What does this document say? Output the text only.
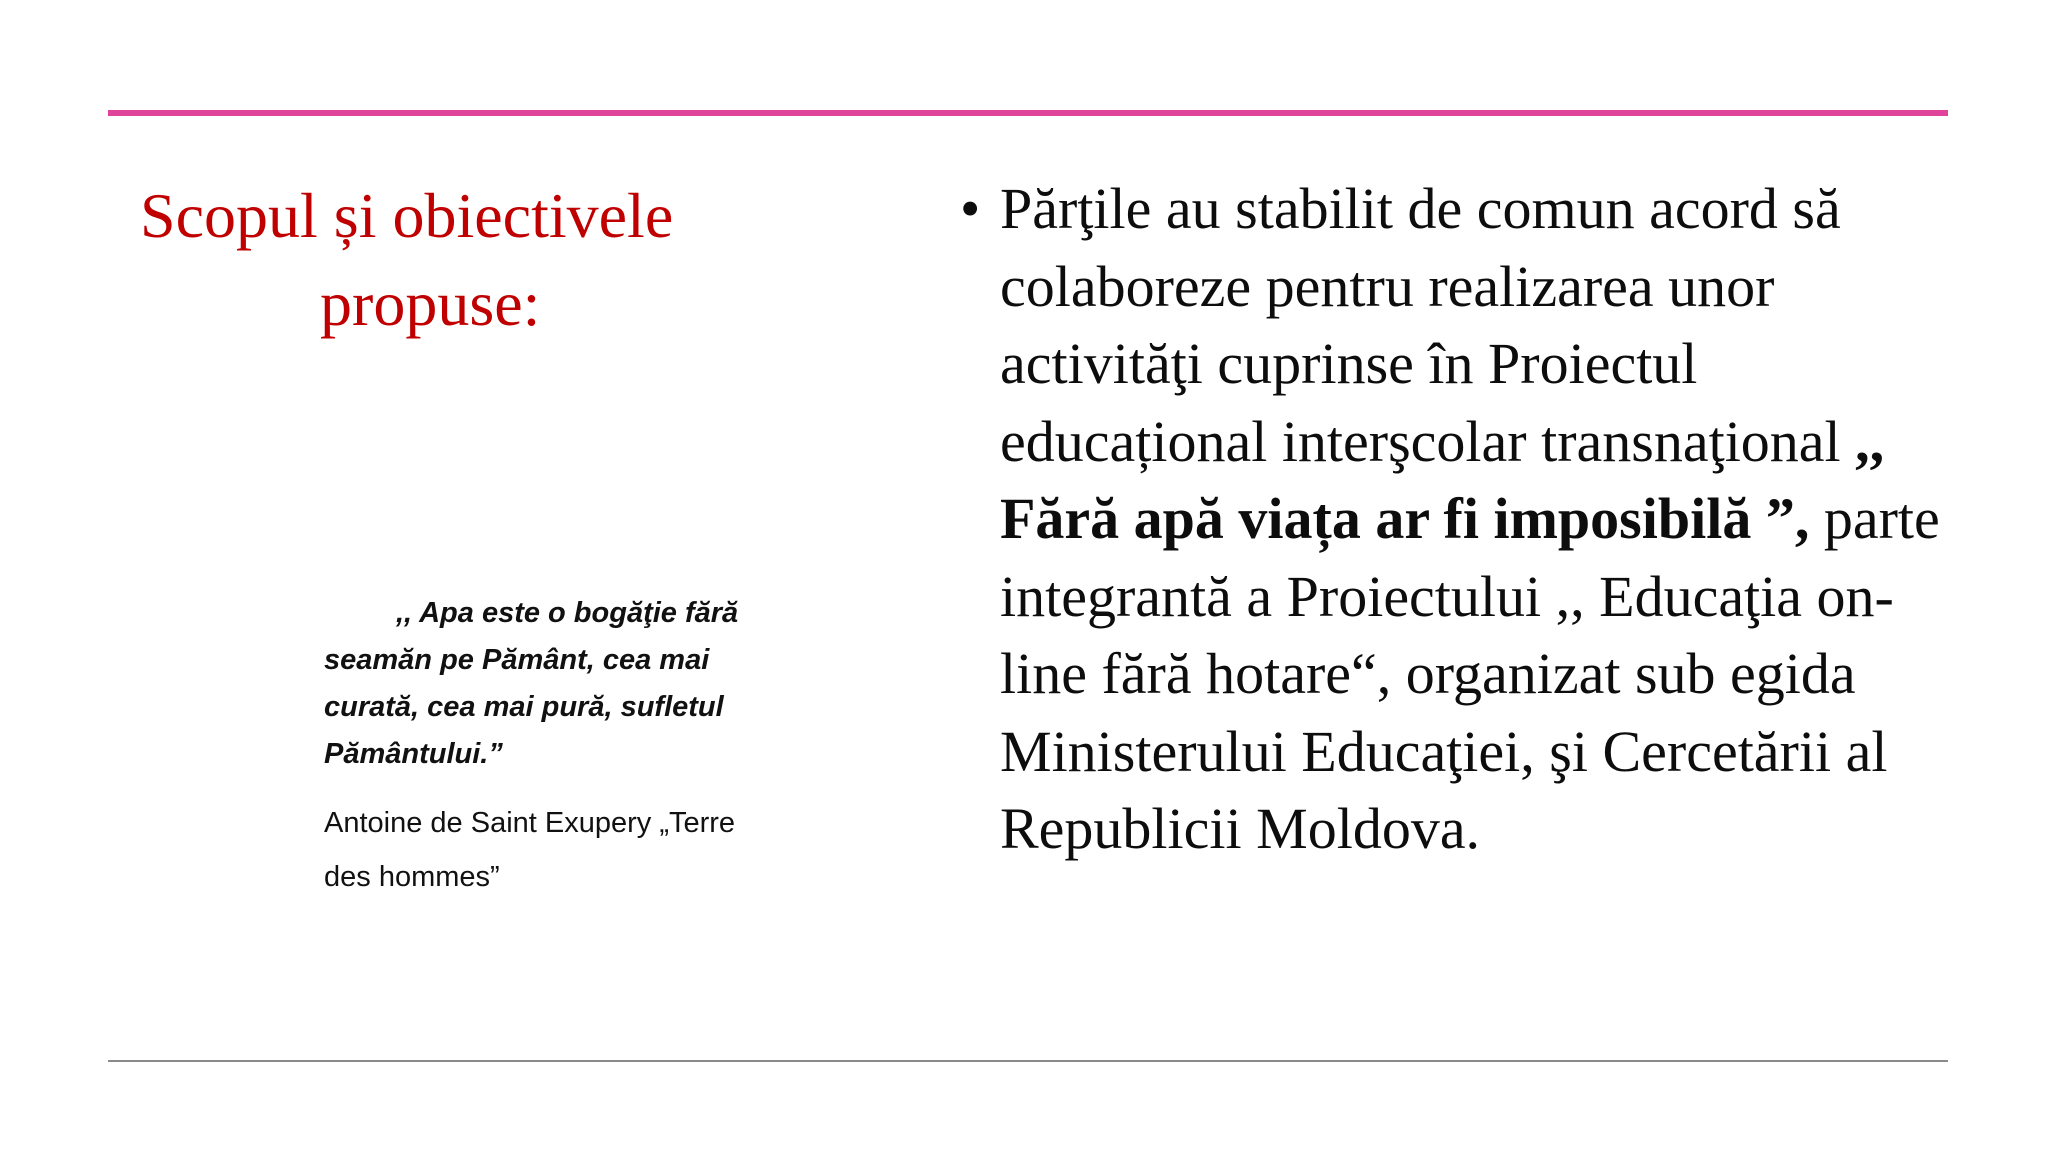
Scopul și obiectivele
propuse:

,, Apa este o bogăţie fără seamăn pe Pământ, cea mai curată, cea mai pură, sufletul Pământului.”

Antoine de Saint Exupery „Terre des hommes”

• Părţile au stabilit de comun acord să colaboreze pentru realizarea unor activităţi cuprinse în Proiectul educațional interşcolar transnaţional ,, Fără apă viața ar fi imposibilă ”, parte integrantă a Proiectului ,, Educaţia on-line fără hotare“, organizat sub egida Ministerului Educaţiei, şi Cercetării al Republicii Moldova.
